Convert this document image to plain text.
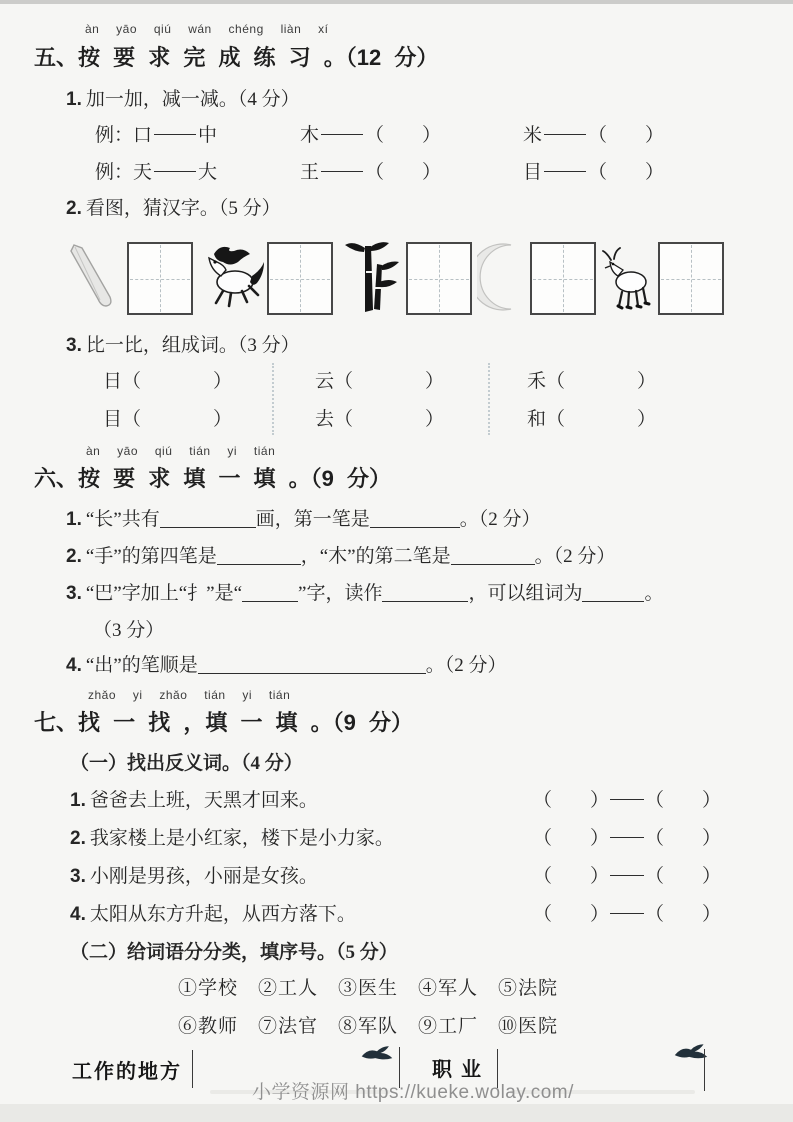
àn yāo qiú wán chéng liàn xí
五、按 要 求 完 成 练 习 。（12 分）
1. 加一加，减一减。（4 分）
例：口 中	木 （　　）	米 （　　）
例：天 大	王 （　　）	目 （　　）
2. 看图，猜汉字。（5 分）
3. 比一比，组成词。（3 分）
日（	）	云（	）	禾（	）
目（	）	去（	）	和（	）
àn yāo qiú tián yi tián
六、按 要 求 填 一 填 。（9 分）
1. “长”共有	画，第一笔是	。（2 分）
2. “手”的第四笔是	，“木”的第二笔是	。（2 分）
3. “巴”字加上“扌”是“	”字，读作	，可以组词为	。
（3 分）
4. “出”的笔顺是	。（2 分）
zhǎo yi zhǎo tián yi tián
七、找 一 找 ，填 一 填 。（9 分）
（一）找出反义词。（4 分）
1. 爸爸去上班，天黑才回来。	（　　） （　　）
2. 我家楼上是小红家，楼下是小力家。	（　　） （　　）
3. 小刚是男孩，小丽是女孩。	（　　） （　　）
4. 太阳从东方升起，从西方落下。	（　　） （　　）
（二）给词语分分类，填序号。（5 分）
①学校　②工人　③医生　④军人　⑤法院
⑥教师　⑦法官　⑧军队　⑨工厂　⑩医院
工作的地方	职 业
小学资源网 https://kueke.wolay.com/
